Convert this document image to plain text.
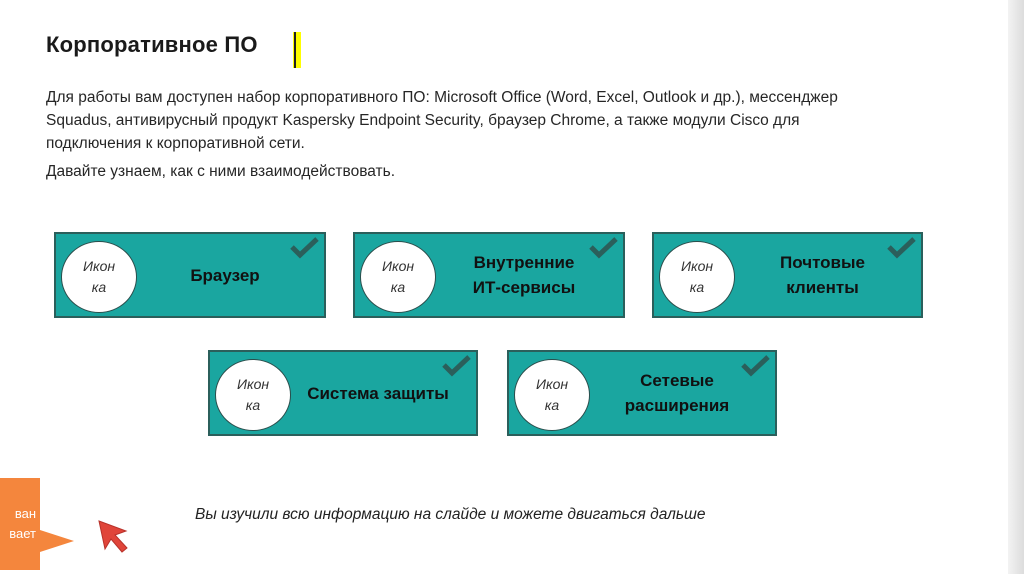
Корпоративное ПО
Для работы вам доступен набор корпоративного ПО: Microsoft Office (Word, Excel, Outlook и др.), мессенджер Squadus, антивирусный продукт Kaspersky Endpoint Security, браузер Chrome, а также модули Cisco для подключения к корпоративной сети.
Давайте узнаем, как с ними взаимодействовать.
Икон
ка
Браузер	Икон
ка
Внутренние
ИТ-сервисы
Икон
ка
Почтовые
клиенты
Икон
ка
Система защиты	Икон
ка
Сетевые
расширения
ван
вает
Вы изучили всю информацию на слайде и можете двигаться дальше
